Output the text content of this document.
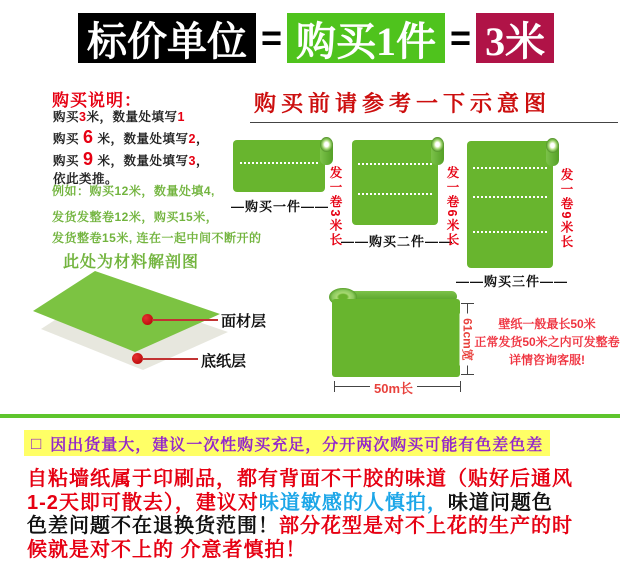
标价单位 = 购买1件 = 3米
购买说明：
购买3米，数量处填写1
购买 6 米，数量处填写2，
购买 9 米，数量处填写3，
依此类推。
例如：购买12米，数量处填4,
发货发整卷12米，购买15米，
发货整卷15米, 连在一起中间不断开的
此处为材料解剖图
面材层
底纸层
购买前请参考一下示意图
—购买一件——
发一卷3米长 ——购买二件——
发一卷6米长
——购买三件——
发一卷9米长
61cm宽
50m长
壁纸一般最长50米
正常发货50米之内可发整卷
详情咨询客服!
□ 因出货量大，建议一次性购买充足，分开两次购买可能有色差色差
自粘墙纸属于印刷品，都有背面不干胶的味道（贴好后通风
1-2天即可散去），建议对味道敏感的人慎拍，味道问题色
色差问题不在退换货范围！部分花型是对不上花的生产的时
候就是对不上的 介意者慎拍！
